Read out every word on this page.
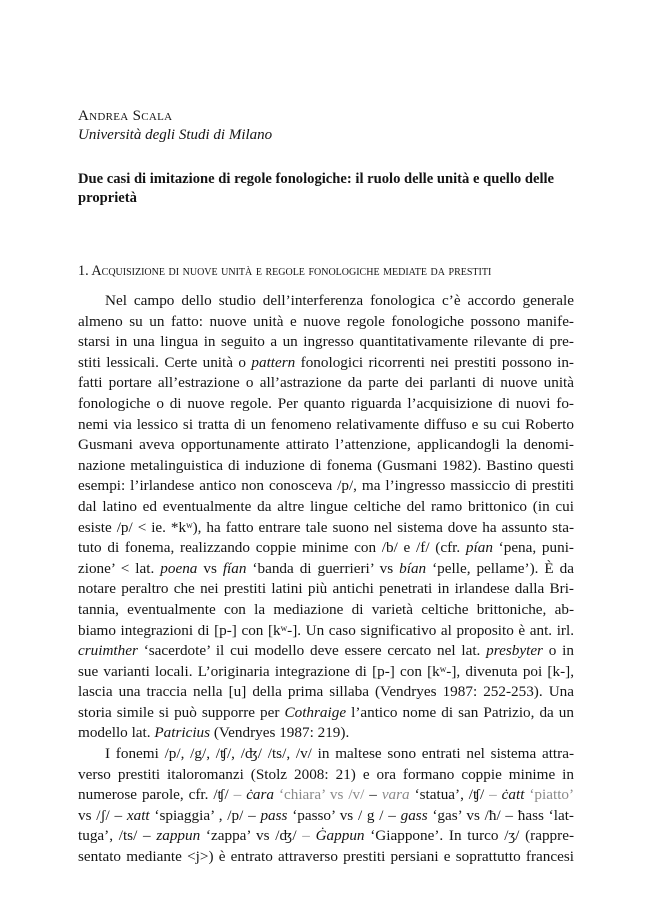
Andrea Scala
Università degli Studi di Milano
Due casi di imitazione di regole fonologiche: il ruolo delle unità e quello delle proprietà
1. Acquisizione di nuove unità e regole fonologiche mediate da prestiti
Nel campo dello studio dell’interferenza fonologica c’è accordo generale
almeno su un fatto: nuove unità e nuove regole fonologiche possono manife-
starsi in una lingua in seguito a un ingresso quantitativamente rilevante di pre-
stiti lessicali. Certe unità o pattern fonologici ricorrenti nei prestiti possono in-
fatti portare all’estrazione o all’astrazione da parte dei parlanti di nuove unità
fonologiche o di nuove regole. Per quanto riguarda l’acquisizione di nuovi fo-
nemi via lessico si tratta di un fenomeno relativamente diffuso e su cui Roberto
Gusmani aveva opportunamente attirato l’attenzione, applicandogli la denomi-
nazione metalinguistica di induzione di fonema (Gusmani 1982). Bastino questi
esempi: l’irlandese antico non conosceva /p/, ma l’ingresso massiccio di prestiti
dal latino ed eventualmente da altre lingue celtiche del ramo brittonico (in cui
esiste /p/ < ie. *kʷ), ha fatto entrare tale suono nel sistema dove ha assunto sta-
tuto di fonema, realizzando coppie minime con /b/ e /f/ (cfr. pían ‘pena, puni-
zione’ < lat. poena vs fían ‘banda di guerrieri’ vs bían ‘pelle, pellame’). È da
notare peraltro che nei prestiti latini più antichi penetrati in irlandese dalla Bri-
tannia, eventualmente con la mediazione di varietà celtiche brittoniche, ab-
biamo integrazioni di [p-] con [kʷ-]. Un caso significativo al proposito è ant. irl.
cruimther ‘sacerdote’ il cui modello deve essere cercato nel lat. presbyter o in
sue varianti locali. L’originaria integrazione di [p-] con [kʷ-], divenuta poi [k-],
lascia una traccia nella [u] della prima sillaba (Vendryes 1987: 252-253). Una
storia simile si può supporre per Cothraige l’antico nome di san Patrizio, da un
modello lat. Patricius (Vendryes 1987: 219).
I fonemi /p/, /g/, /ʧ/, /ʤ/ /ts/, /v/ in maltese sono entrati nel sistema attra-
verso prestiti italoromanzi (Stolz 2008: 21) e ora formano coppie minime in
numerose parole, cfr. /ʧ/ – ċara ‘chiara’ vs /v/ – vara ‘statua’, /ʧ/ – ċatt ‘piatto’
vs /ʃ/ – xatt ‘spiaggia’ , /p/ – pass ‘passo’ vs / g / – gass ‘gas’ vs /ħ/ – ħass ‘lat-
tuga’, /ts/ – zappun ‘zappa’ vs /ʤ/ – Ġappun ‘Giappone’. In turco /ʒ/ (rappre-
sentato mediante <j>) è entrato attraverso prestiti persiani e soprattutto francesi
